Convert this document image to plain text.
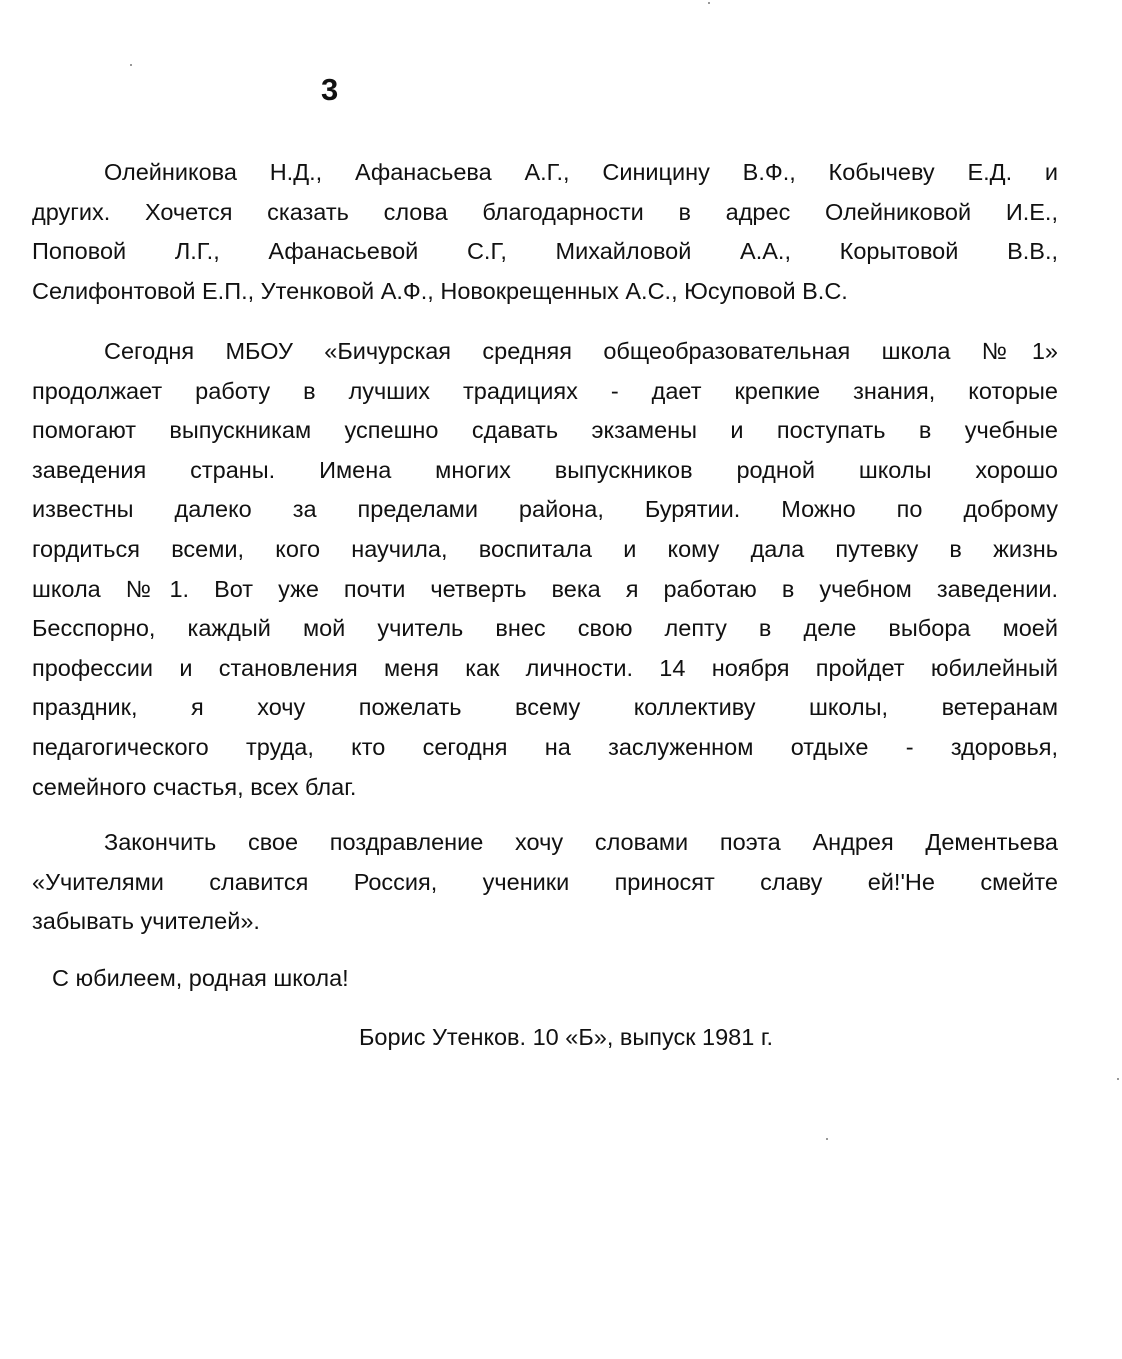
3
Олейникова Н.Д., Афанасьева А.Г., Синицину В.Ф., Кобычеву Е.Д. и
других. Хочется сказать слова благодарности в адрес Олейниковой И.Е.,
Поповой Л.Г., Афанасьевой С.Г, Михайловой А.А., Корытовой В.В.,
Селифонтовой Е.П., Утенковой А.Ф., Новокрещенных А.С., Юсуповой В.С.
Сегодня МБОУ «Бичурская средняя общеобразовательная школа №1»
продолжает работу в лучших традициях - дает крепкие знания, которые
помогают выпускникам успешно сдавать экзамены и поступать в учебные
заведения страны. Имена многих выпускников родной школы хорошо
известны далеко за пределами района, Бурятии. Можно по доброму
гордиться всеми, кого научила, воспитала и кому дала путевку в жизнь
школа №1. Вот уже почти четверть века я работаю в учебном заведении.
Бесспорно, каждый мой учитель внес свою лепту в деле выбора моей
профессии и становления меня как личности. 14 ноября пройдет юбилейный
праздник, я хочу пожелать всему коллективу школы, ветеранам
педагогического труда, кто сегодня на заслуженном отдыхе - здоровья,
семейного счастья, всех благ.
Закончить свое поздравление хочу словами поэта Андрея Дементьева
«Учителями славится Россия, ученики приносят славу ей!'Не смейте
забывать учителей».
С юбилеем, родная школа!
Борис Утенков. 10 «Б», выпуск 1981 г.
